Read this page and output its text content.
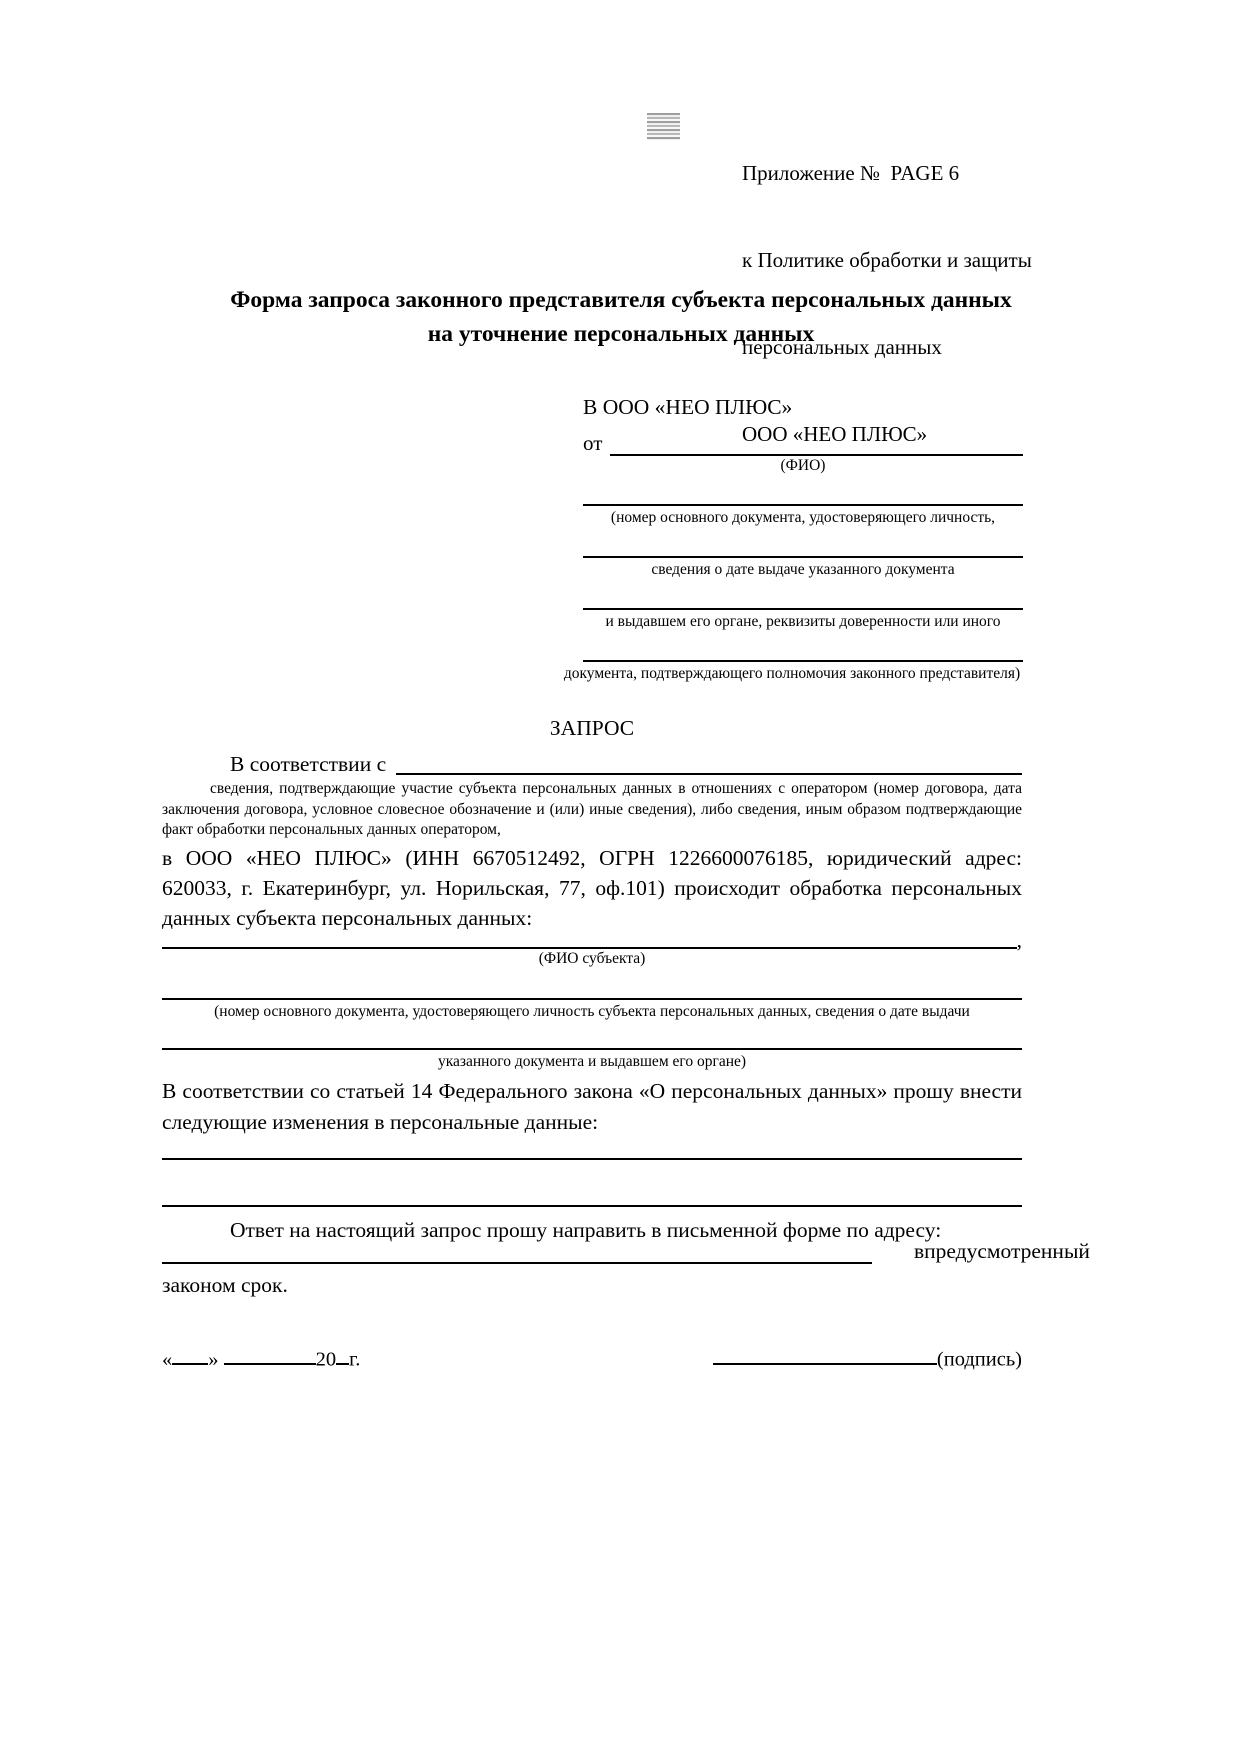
Приложение №  PAGE 6

к Политике обработки и защиты

персональных данных

ООО «НЕО ПЛЮС»

Форма запроса законного представителя субъекта персональных данных
на уточнение персональных данных
В ООО «НЕО ПЛЮС»
от
(ФИО)
(номер основного документа, удостоверяющего личность,
сведения о дате выдаче указанного документа
и выдавшем его органе, реквизиты доверенности или иного
документа, подтверждающего полномочия законного представителя)
ЗАПРОС
В соответствии с
сведения, подтверждающие участие субъекта персональных данных в отношениях с оператором (номер договора, дата заключения договора, условное словесное обозначение и (или) иные сведения), либо сведения, иным образом подтверждающие факт обработки персональных данных оператором,
в ООО «НЕО ПЛЮС» (ИНН 6670512492, ОГРН 1226600076185, юридический адрес: 620033, г. Екатеринбург, ул. Норильская, 77, оф.101) происходит обработка персональных данных субъекта персональных данных:
,
(ФИО субъекта)
(номер основного документа, удостоверяющего личность субъекта персональных данных, сведения о дате выдачи
указанного документа и выдавшем его органе)
В соответствии со статьей 14 Федерального закона «О персональных данных» прошу внести следующие изменения в персональные данные:
Ответ на настоящий запрос прошу направить в письменной форме по адресу:
в предусмотренный
законом срок.
« »	20 г.	(подпись)
